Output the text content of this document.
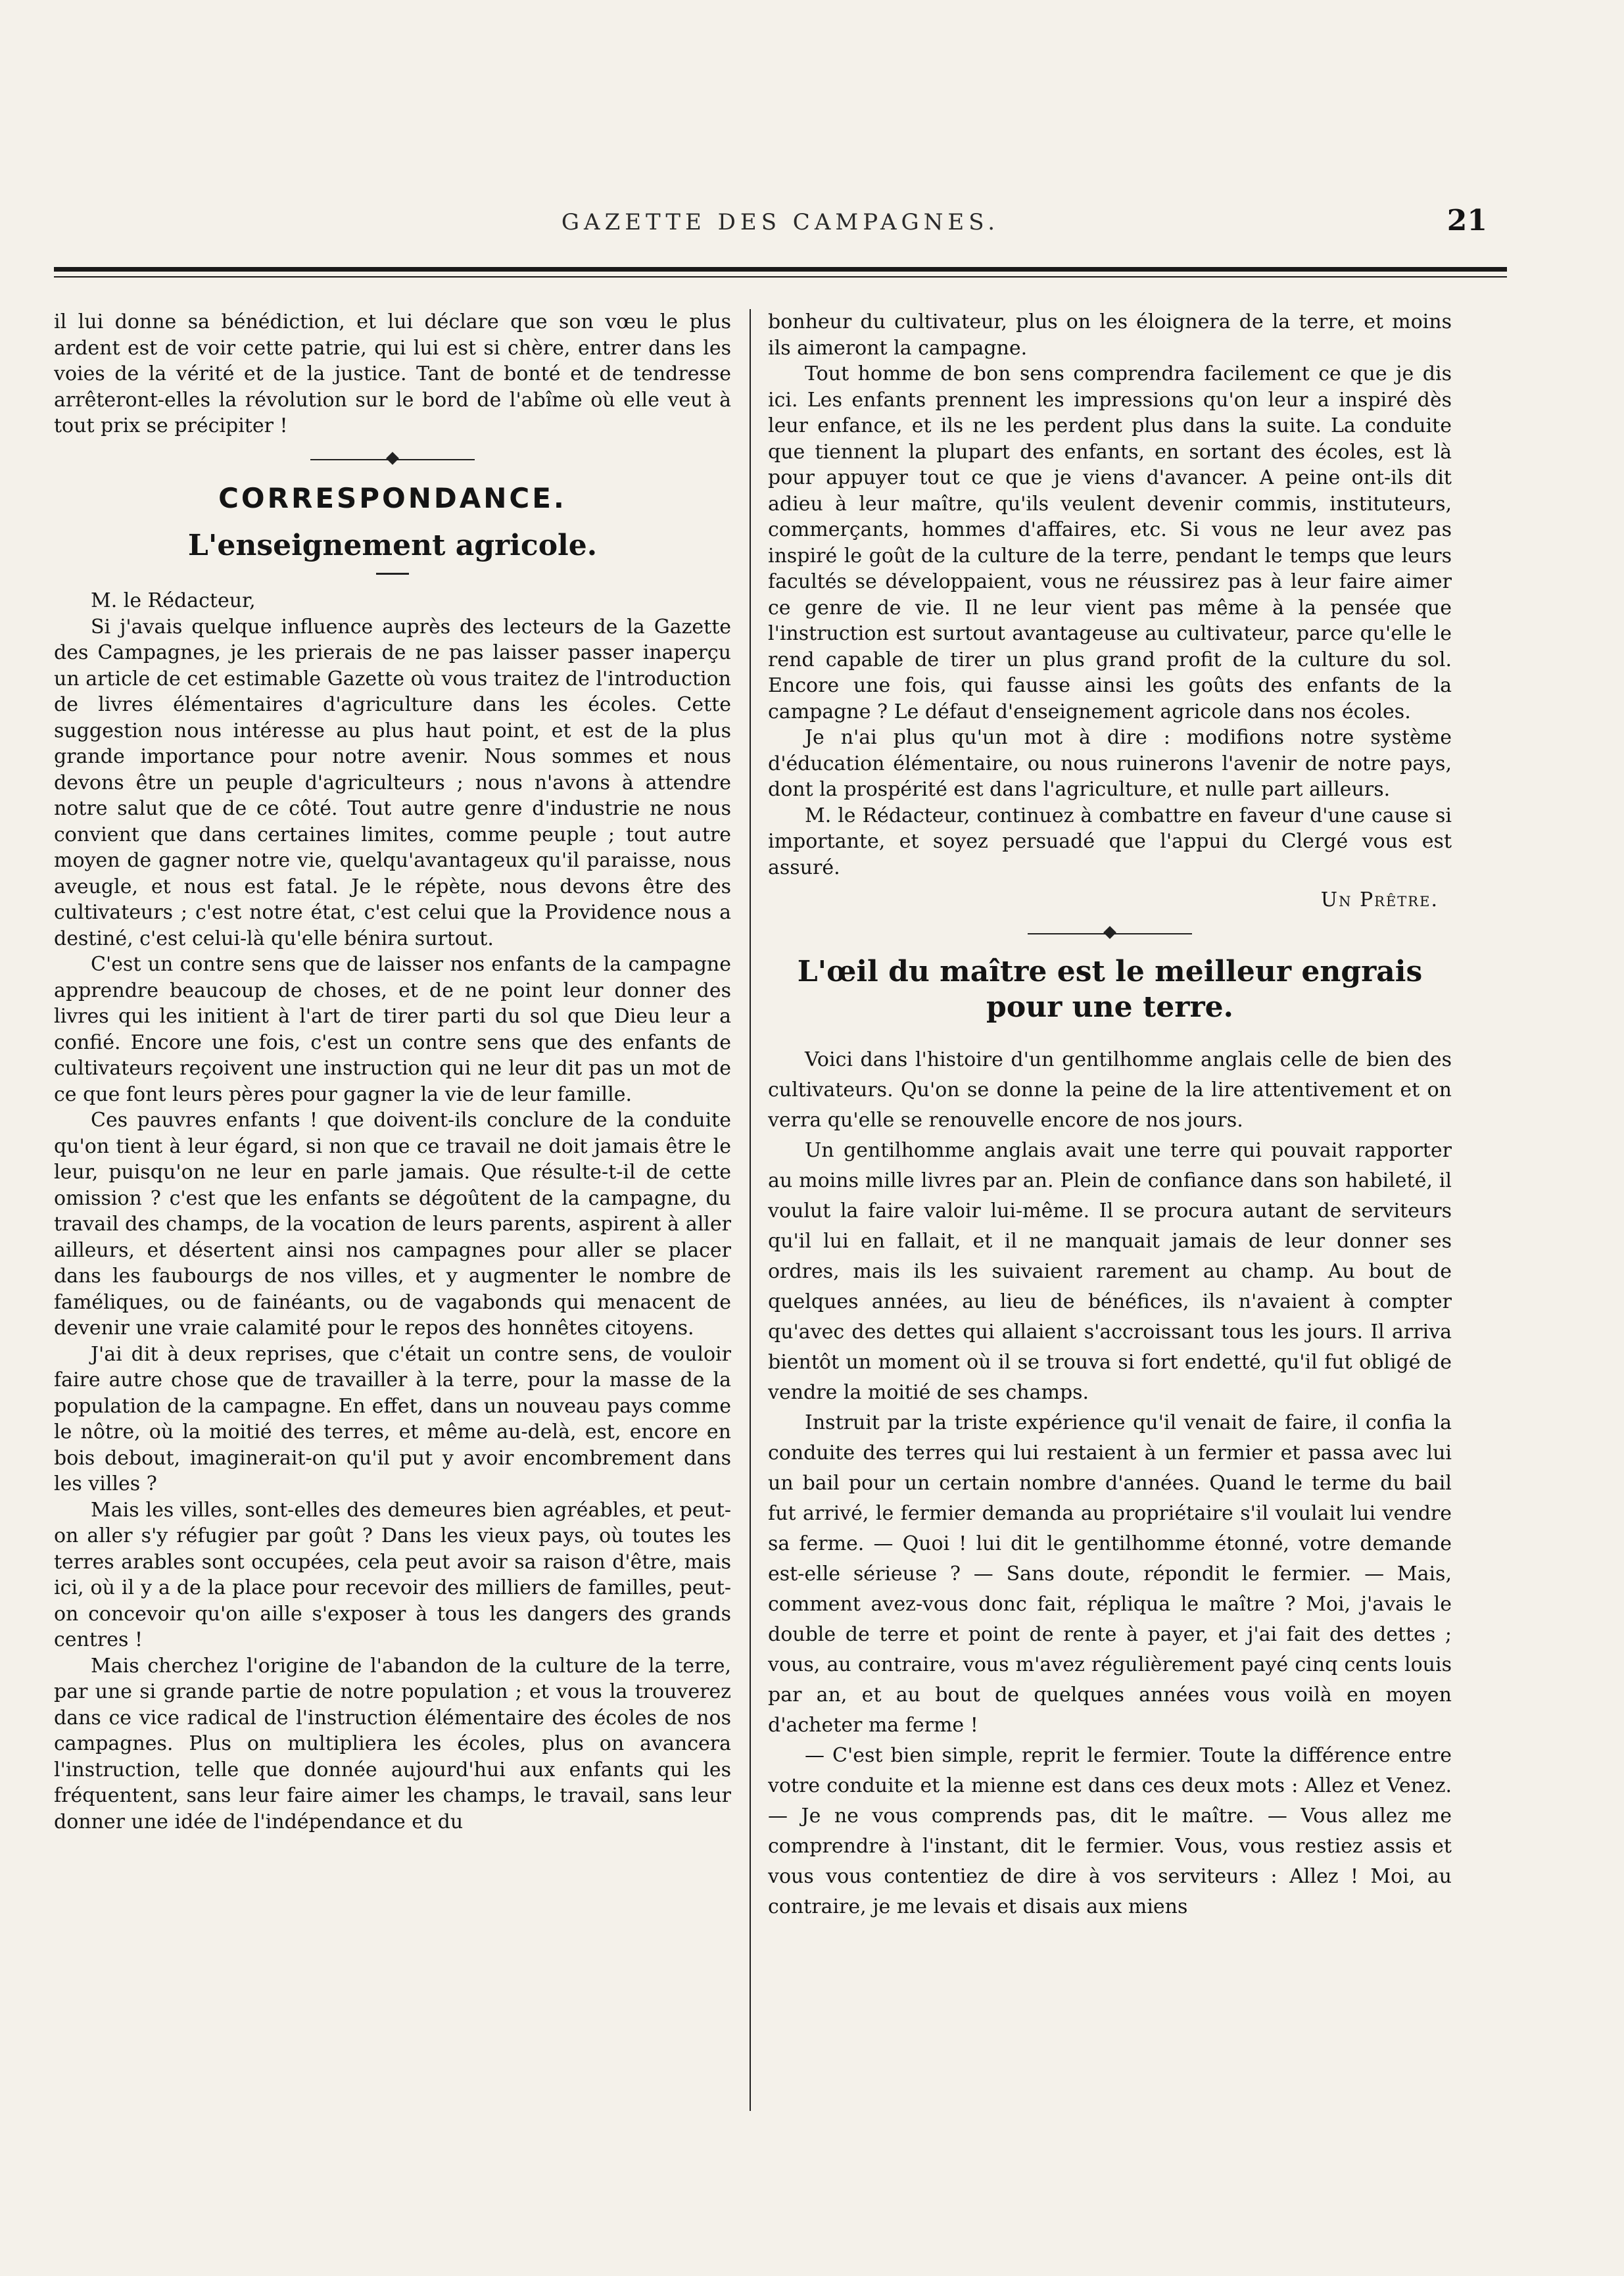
GAZETTE DES CAMPAGNES.	21

il lui donne sa bénédiction, et lui déclare que son vœu le plus ardent est de voir cette patrie, qui lui est si chère, entrer dans les voies de la vérité et de la justice. Tant de bonté et de tendresse arrêteront-elles la révolution sur le bord de l'abîme où elle veut à tout prix se précipiter !

CORRESPONDANCE.
L'enseignement agricole.

M. le Rédacteur,

Si j'avais quelque influence auprès des lecteurs de la Gazette des Campagnes, je les prierais de ne pas laisser passer inaperçu un article de cet estimable Gazette où vous traitez de l'introduction de livres élémentaires d'agriculture dans les écoles. Cette suggestion nous intéresse au plus haut point, et est de la plus grande importance pour notre avenir. Nous sommes et nous devons être un peuple d'agriculteurs ; nous n'avons à attendre notre salut que de ce côté. Tout autre genre d'industrie ne nous convient que dans certaines limites, comme peuple ; tout autre moyen de gagner notre vie, quelqu'avantageux qu'il paraisse, nous aveugle, et nous est fatal. Je le répète, nous devons être des cultivateurs ; c'est notre état, c'est celui que la Providence nous a destiné, c'est celui-là qu'elle bénira surtout.

C'est un contre sens que de laisser nos enfants de la campagne apprendre beaucoup de choses, et de ne point leur donner des livres qui les initient à l'art de tirer parti du sol que Dieu leur a confié. Encore une fois, c'est un contre sens que des enfants de cultivateurs reçoivent une instruction qui ne leur dit pas un mot de ce que font leurs pères pour gagner la vie de leur famille.

Ces pauvres enfants ! que doivent-ils conclure de la conduite qu'on tient à leur égard, si non que ce travail ne doit jamais être le leur, puisqu'on ne leur en parle jamais. Que résulte-t-il de cette omission ? c'est que les enfants se dégoûtent de la campagne, du travail des champs, de la vocation de leurs parents, aspirent à aller ailleurs, et désertent ainsi nos campagnes pour aller se placer dans les faubourgs de nos villes, et y augmenter le nombre de faméliques, ou de fainéants, ou de vagabonds qui menacent de devenir une vraie calamité pour le repos des honnêtes citoyens.

J'ai dit à deux reprises, que c'était un contre sens, de vouloir faire autre chose que de travailler à la terre, pour la masse de la population de la campagne. En effet, dans un nouveau pays comme le nôtre, où la moitié des terres, et même au-delà, est, encore en bois debout, imaginerait-on qu'il put y avoir encombrement dans les villes ?

Mais les villes, sont-elles des demeures bien agréables, et peut-on aller s'y réfugier par goût ? Dans les vieux pays, où toutes les terres arables sont occupées, cela peut avoir sa raison d'être, mais ici, où il y a de la place pour recevoir des milliers de familles, peut-on concevoir qu'on aille s'exposer à tous les dangers des grands centres !

Mais cherchez l'origine de l'abandon de la culture de la terre, par une si grande partie de notre population ; et vous la trouverez dans ce vice radical de l'instruction élémentaire des écoles de nos campagnes. Plus on multipliera les écoles, plus on avancera l'instruction, telle que donnée aujourd'hui aux enfants qui les fréquentent, sans leur faire aimer les champs, le travail, sans leur donner une idée de l'indépendance et du

bonheur du cultivateur, plus on les éloignera de la terre, et moins ils aimeront la campagne.

Tout homme de bon sens comprendra facilement ce que je dis ici. Les enfants prennent les impressions qu'on leur a inspiré dès leur enfance, et ils ne les perdent plus dans la suite. La conduite que tiennent la plupart des enfants, en sortant des écoles, est là pour appuyer tout ce que je viens d'avancer. A peine ont-ils dit adieu à leur maître, qu'ils veulent devenir commis, instituteurs, commerçants, hommes d'affaires, etc. Si vous ne leur avez pas inspiré le goût de la culture de la terre, pendant le temps que leurs facultés se développaient, vous ne réussirez pas à leur faire aimer ce genre de vie. Il ne leur vient pas même à la pensée que l'instruction est surtout avantageuse au cultivateur, parce qu'elle le rend capable de tirer un plus grand profit de la culture du sol. Encore une fois, qui fausse ainsi les goûts des enfants de la campagne ? Le défaut d'enseignement agricole dans nos écoles.

Je n'ai plus qu'un mot à dire : modifions notre système d'éducation élémentaire, ou nous ruinerons l'avenir de notre pays, dont la prospérité est dans l'agriculture, et nulle part ailleurs.

M. le Rédacteur, continuez à combattre en faveur d'une cause si importante, et soyez persuadé que l'appui du Clergé vous est assuré.

Un Prêtre.
L'œil du maître est le meilleur engrais pour une terre.

Voici dans l'histoire d'un gentilhomme anglais celle de bien des cultivateurs. Qu'on se donne la peine de la lire attentivement et on verra qu'elle se renouvelle encore de nos jours.

Un gentilhomme anglais avait une terre qui pouvait rapporter au moins mille livres par an. Plein de confiance dans son habileté, il voulut la faire valoir lui-même. Il se procura autant de serviteurs qu'il lui en fallait, et il ne manquait jamais de leur donner ses ordres, mais ils les suivaient rarement au champ. Au bout de quelques années, au lieu de bénéfices, ils n'avaient à compter qu'avec des dettes qui allaient s'accroissant tous les jours. Il arriva bientôt un moment où il se trouva si fort endetté, qu'il fut obligé de vendre la moitié de ses champs.

Instruit par la triste expérience qu'il venait de faire, il confia la conduite des terres qui lui restaient à un fermier et passa avec lui un bail pour un certain nombre d'années. Quand le terme du bail fut arrivé, le fermier demanda au propriétaire s'il voulait lui vendre sa ferme. — Quoi ! lui dit le gentilhomme étonné, votre demande est-elle sérieuse ? — Sans doute, répondit le fermier. — Mais, comment avez-vous donc fait, répliqua le maître ? Moi, j'avais le double de terre et point de rente à payer, et j'ai fait des dettes ; vous, au contraire, vous m'avez régulièrement payé cinq cents louis par an, et au bout de quelques années vous voilà en moyen d'acheter ma ferme !

— C'est bien simple, reprit le fermier. Toute la différence entre votre conduite et la mienne est dans ces deux mots : Allez et Venez. — Je ne vous comprends pas, dit le maître. — Vous allez me comprendre à l'instant, dit le fermier. Vous, vous restiez assis et vous vous contentiez de dire à vos serviteurs : Allez ! Moi, au contraire, je me levais et disais aux miens
